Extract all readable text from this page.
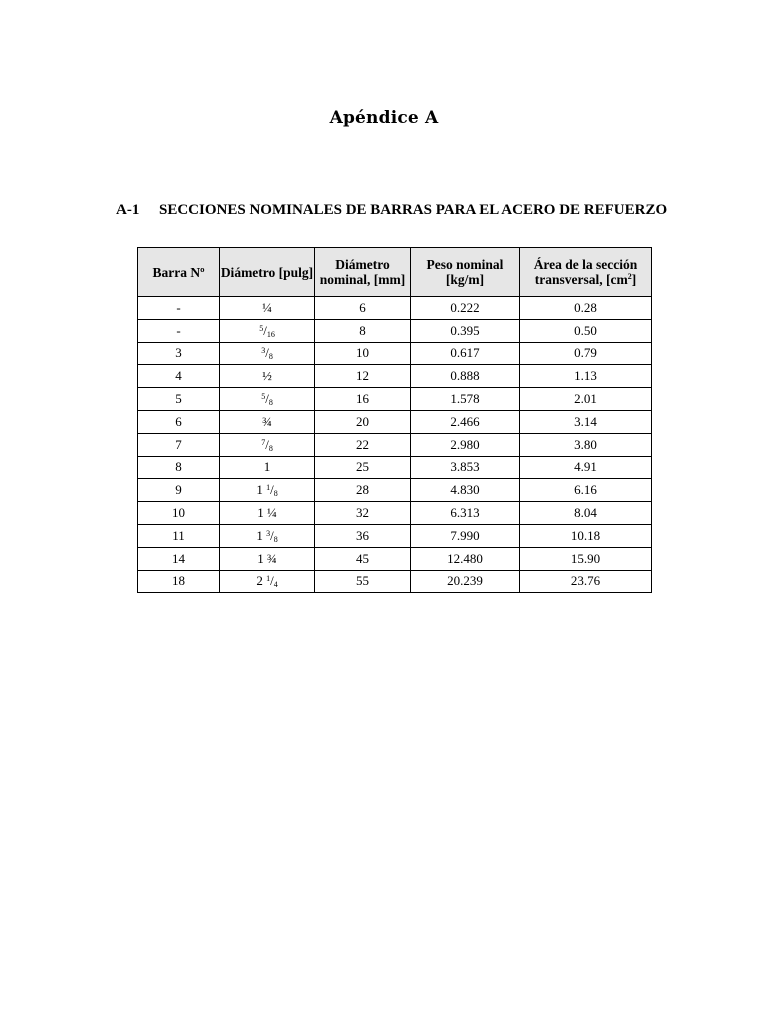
Apéndice A
A-1 SECCIONES NOMINALES DE BARRAS PARA EL ACERO DE REFUERZO
Barra Nº	Diámetro [pulg]	Diámetro nominal, [mm]	Peso nominal [kg/m]	Área de la sección transversal, $[cm^2]$
-	¼	6	0.222	0.28
-	$^5/_{16}$	8	0.395	0.50
3	$^3/_8$	10	0.617	0.79
4	½	12	0.888	1.13
5	$^5/_8$	16	1.578	2.01
6	¾	20	2.466	3.14
7	$^7/_8$	22	2.980	3.80
8	1	25	3.853	4.91
9	1 $^1/_8$	28	4.830	6.16
10	1 ¼	32	6.313	8.04
11	1 $^3/_8$	36	7.990	10.18
14	1 ¾	45	12.480	15.90
18	2 $^1/_4$	55	20.239	23.76
